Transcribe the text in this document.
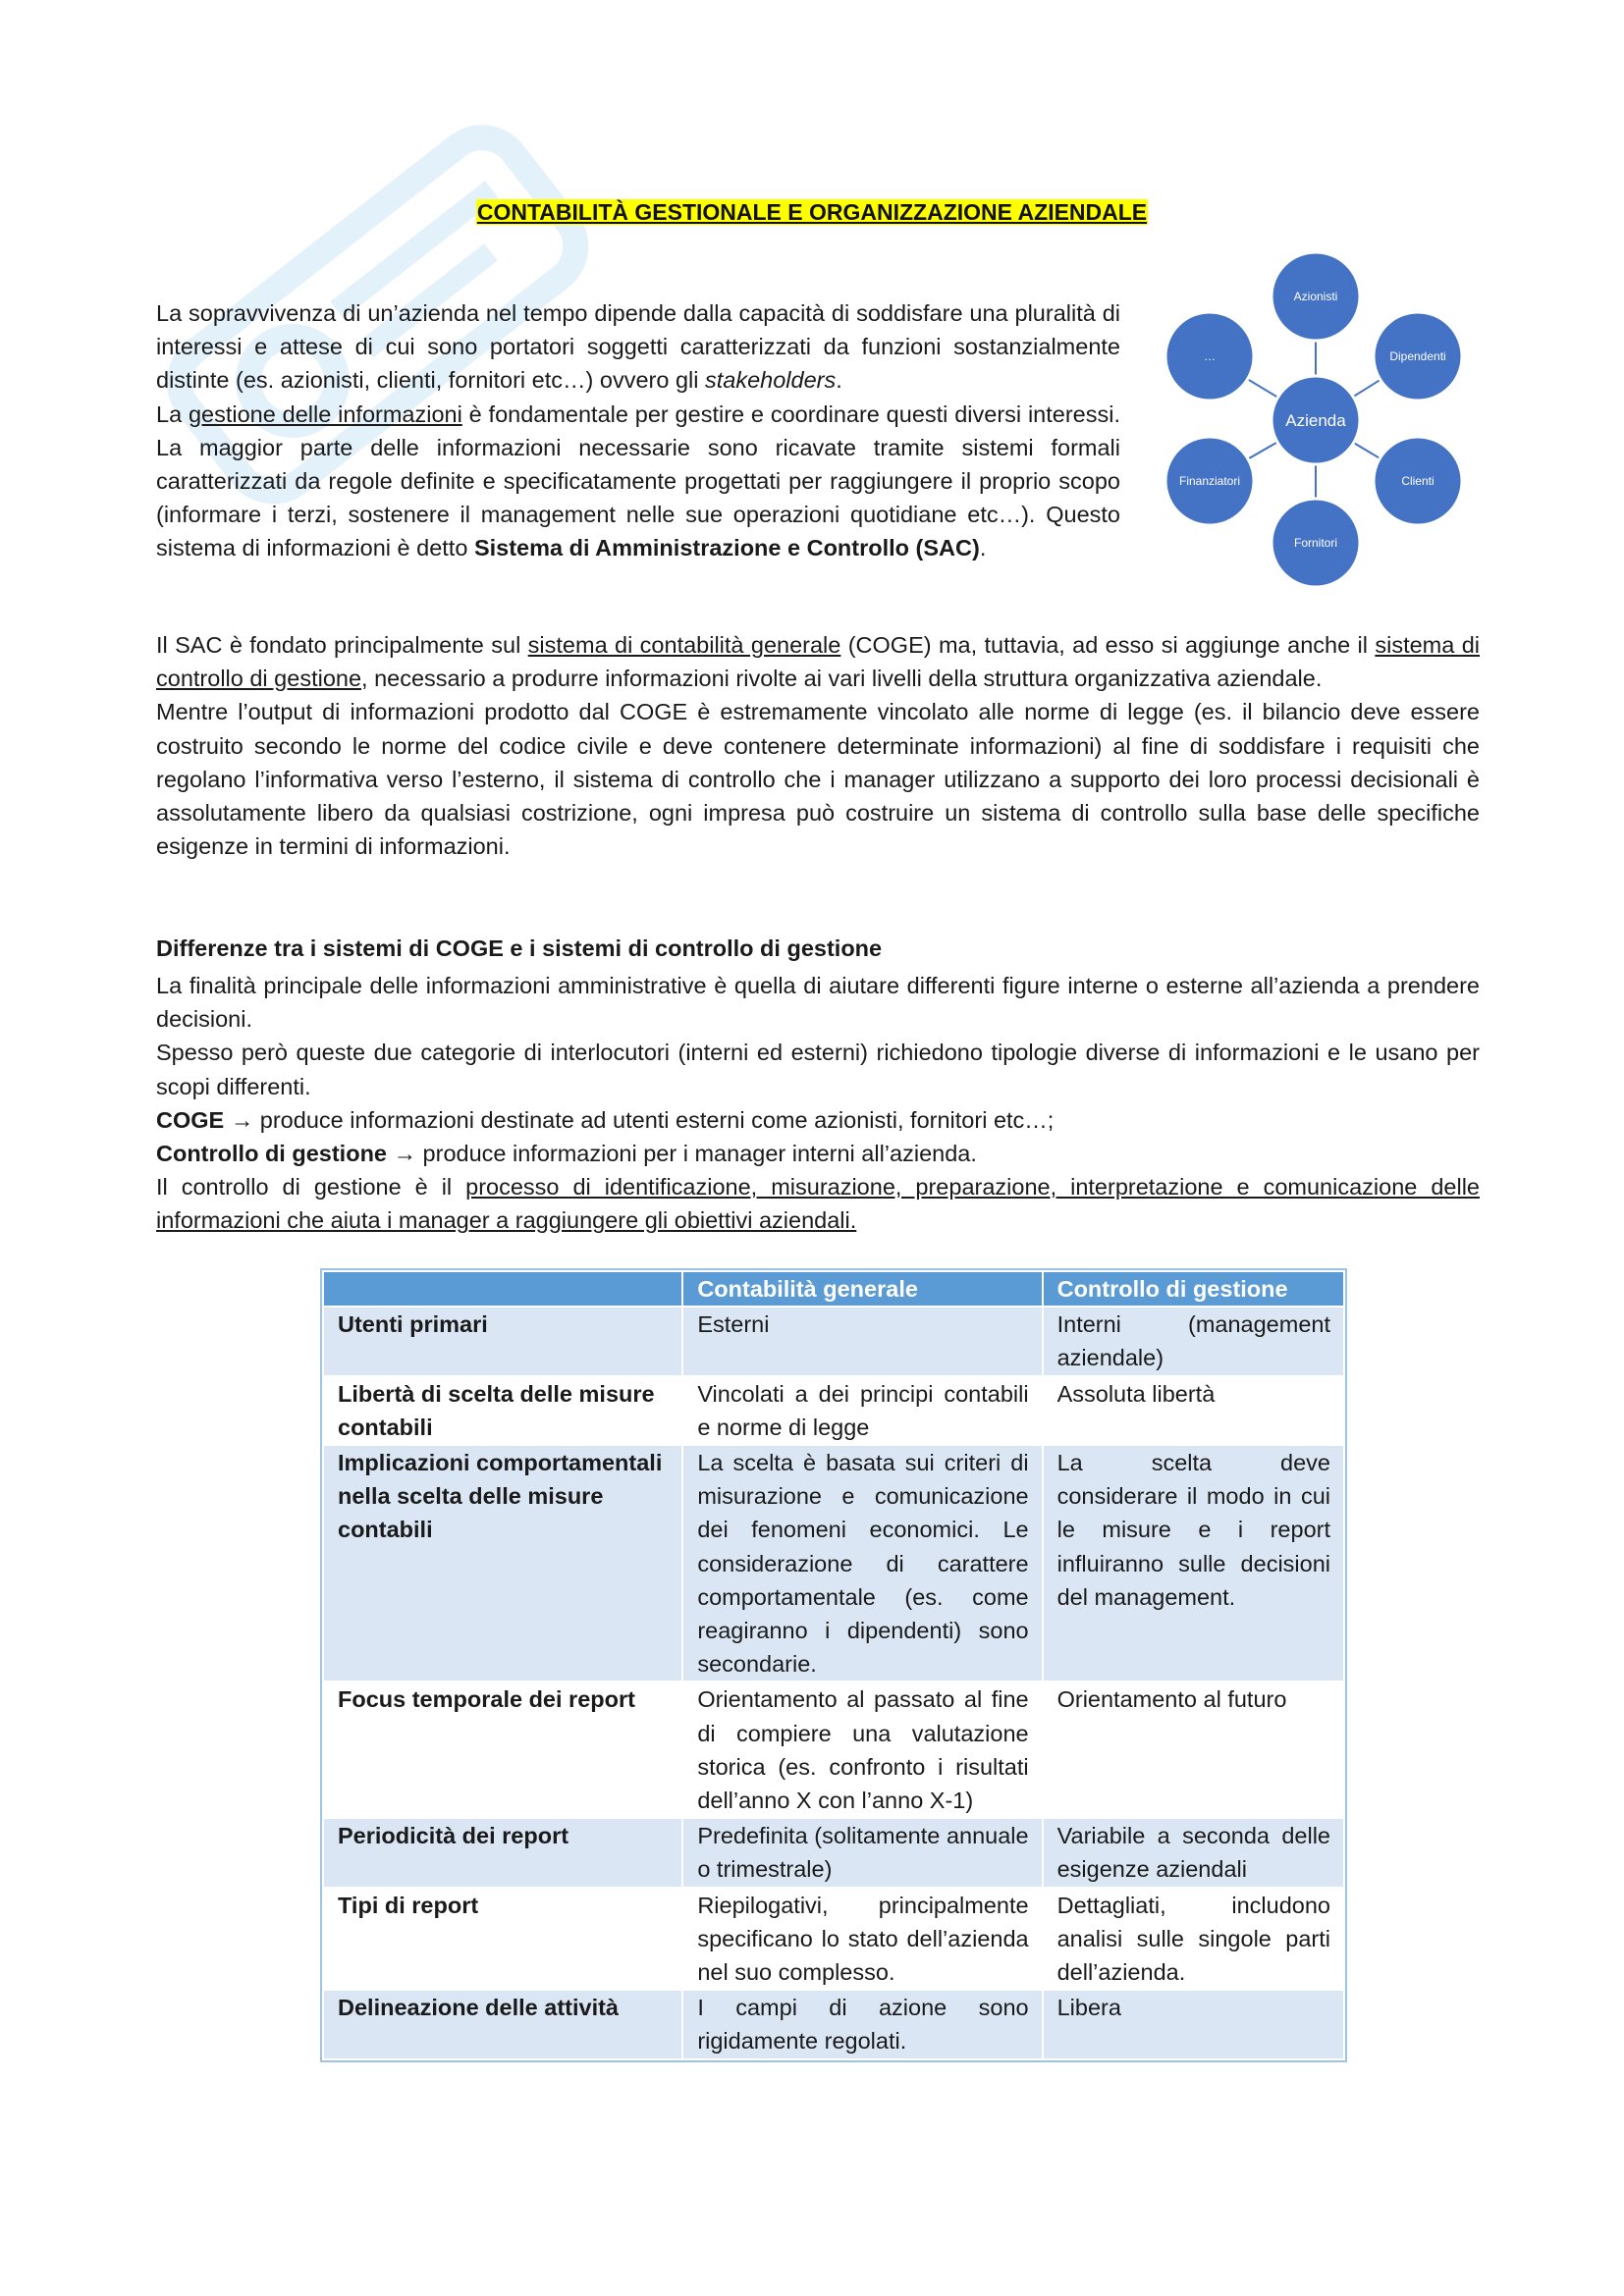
CONTABILITÀ GESTIONALE E ORGANIZZAZIONE AZIENDALE

La sopravvivenza di un’azienda nel tempo dipende dalla capacità di soddisfare una pluralità di interessi e attese di cui sono portatori soggetti caratterizzati da funzioni sostanzialmente distinte (es. azionisti, clienti, fornitori etc…) ovvero gli stakeholders.
La gestione delle informazioni è fondamentale per gestire e coordinare questi diversi interessi. La maggior parte delle informazioni necessarie sono ricavate tramite sistemi formali caratterizzati da regole definite e specificatamente progettati per raggiungere il proprio scopo (informare i terzi, sostenere il management nelle sue operazioni quotidiane etc…). Questo sistema di informazioni è detto Sistema di Amministrazione e Controllo (SAC).

Azionisti
Dipendenti
Clienti
Fornitori
Finanziatori
…
Azienda
Il SAC è fondato principalmente sul sistema di contabilità generale (COGE) ma, tuttavia, ad esso si aggiunge anche il sistema di controllo di gestione, necessario a produrre informazioni rivolte ai vari livelli della struttura organizzativa aziendale.
Mentre l’output di informazioni prodotto dal COGE è estremamente vincolato alle norme di legge (es. il bilancio deve essere costruito secondo le norme del codice civile e deve contenere determinate informazioni) al fine di soddisfare i requisiti che regolano l’informativa verso l’esterno, il sistema di controllo che i manager utilizzano a supporto dei loro processi decisionali è assolutamente libero da qualsiasi costrizione, ogni impresa può costruire un sistema di controllo sulla base delle specifiche esigenze in termini di informazioni.
Differenze tra i sistemi di COGE e i sistemi di controllo di gestione
La finalità principale delle informazioni amministrative è quella di aiutare differenti figure interne o esterne all’azienda a prendere decisioni.
Spesso però queste due categorie di interlocutori (interni ed esterni) richiedono tipologie diverse di informazioni e le usano per scopi differenti.
COGE → produce informazioni destinate ad utenti esterni come azionisti, fornitori etc…;
Controllo di gestione → produce informazioni per i manager interni all’azienda.
Il controllo di gestione è il processo di identificazione, misurazione, preparazione, interpretazione e comunicazione delle informazioni che aiuta i manager a raggiungere gli obiettivi aziendali.
	Contabilità generale	Controllo di gestione
Utenti primari	Esterni	Interni (management aziendale)
Libertà di scelta delle misure contabili	Vincolati a dei principi contabili e norme di legge	Assoluta libertà
Implicazioni comportamentali nella scelta delle misure contabili	La scelta è basata sui criteri di misurazione e comunicazione dei fenomeni economici. Le considerazione di carattere comportamentale (es. come reagiranno i dipendenti) sono secondarie.	La scelta deve considerare il modo in cui le misure e i report influiranno sulle decisioni del management.
Focus temporale dei report	Orientamento al passato al fine di compiere una valutazione storica (es. confronto i risultati dell’anno X con l’anno X-1)	Orientamento al futuro
Periodicità dei report	Predefinita (solitamente annuale o trimestrale)	Variabile a seconda delle esigenze aziendali
Tipi di report	Riepilogativi, principalmente specificano lo stato dell’azienda nel suo complesso.	Dettagliati, includono analisi sulle singole parti dell’azienda.
Delineazione delle attività	I campi di azione sono rigidamente regolati.	Libera
